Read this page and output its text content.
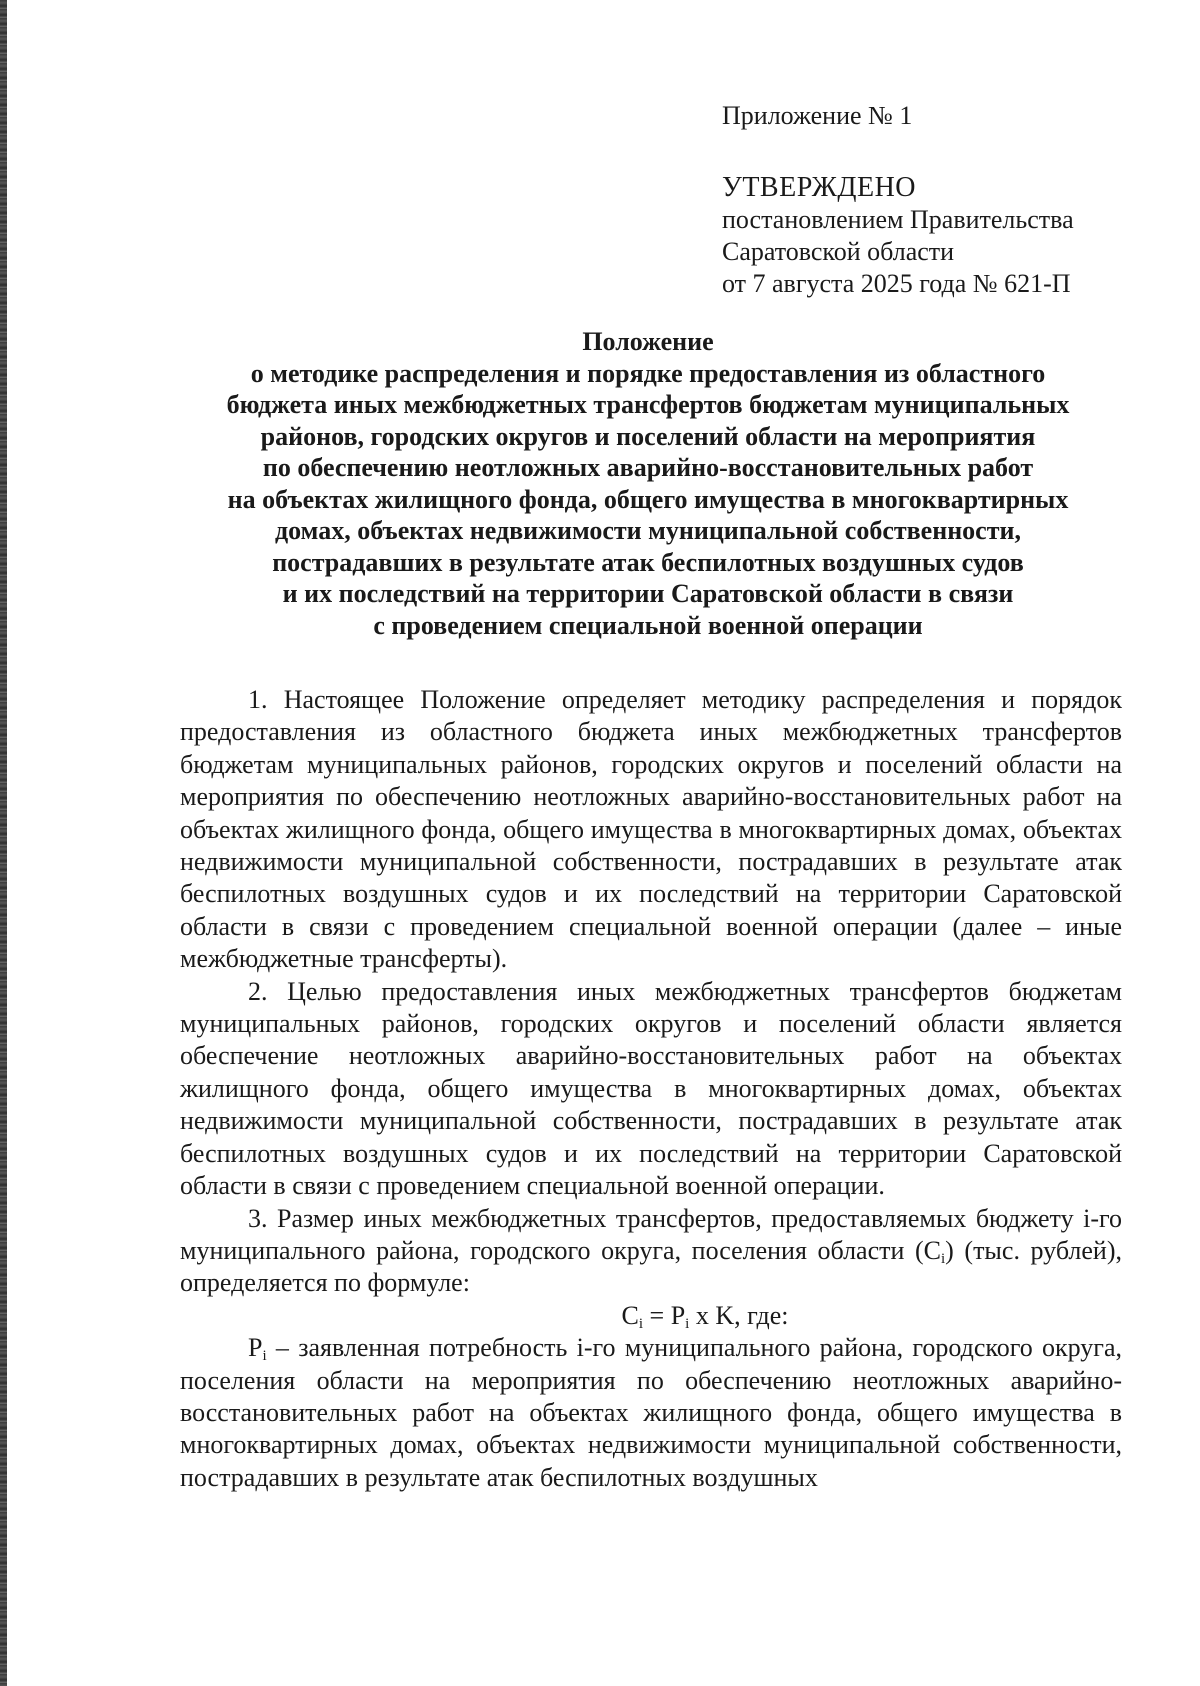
Приложение № 1
УТВЕРЖДЕНО
постановлением Правительства
Саратовской области
от 7 августа 2025 года № 621-П
Положение
о методике распределения и порядке предоставления из областного
бюджета иных межбюджетных трансфертов бюджетам муниципальных
районов, городских округов и поселений области на мероприятия
по обеспечению неотложных аварийно-восстановительных работ
на объектах жилищного фонда, общего имущества в многоквартирных
домах, объектах недвижимости муниципальной собственности,
пострадавших в результате атак беспилотных воздушных судов
и их последствий на территории Саратовской области в связи
с проведением специальной военной операции

1. Настоящее Положение определяет методику распределения и порядок предоставления из областного бюджета иных межбюджетных трансфертов бюджетам муниципальных районов, городских округов и поселений области на мероприятия по обеспечению неотложных аварийно-восстановительных работ на объектах жилищного фонда, общего имущества в многоквартирных домах, объектах недвижимости муниципальной собственности, пострадавших в результате атак беспилотных воздушных судов и их последствий на территории Саратовской области в связи с проведением специальной военной операции (далее – иные межбюджетные трансферты).

2. Целью предоставления иных межбюджетных трансфертов бюджетам муниципальных районов, городских округов и поселений области является обеспечение неотложных аварийно-восстановительных работ на объектах жилищного фонда, общего имущества в многоквартирных домах, объектах недвижимости муниципальной собственности, пострадавших в результате атак беспилотных воздушных судов и их последствий на территории Саратовской области в связи с проведением специальной военной операции.

3. Размер иных межбюджетных трансфертов, предоставляемых бюджету i-го муниципального района, городского округа, поселения области $(C_i)$ (тыс. рублей), определяется по формуле:

$C_i = P_i$ x K, где:

$P_i$ – заявленная потребность i-го муниципального района, городского округа, поселения области на мероприятия по обеспечению неотложных аварийно-восстановительных работ на объектах жилищного фонда, общего имущества в многоквартирных домах, объектах недвижимости муниципальной собственности, пострадавших в результате атак беспилотных воздушных
